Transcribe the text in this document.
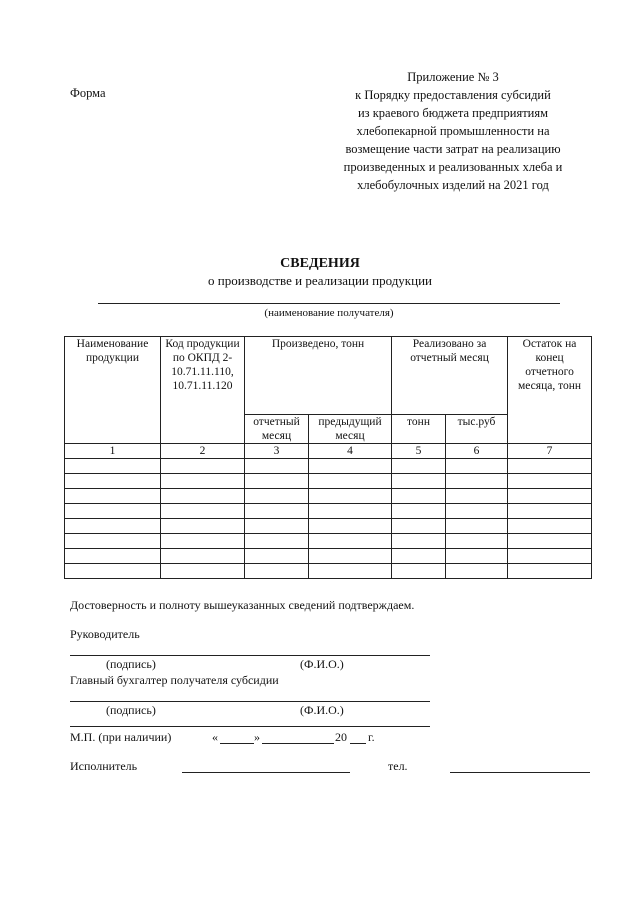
Форма
Приложение № 3
к Порядку предоставления субсидий
из краевого бюджета предприятиям
хлебопекарной промышленности на
возмещение части затрат на реализацию
произведенных и реализованных хлеба и
хлебобулочных изделий на 2021 год
СВЕДЕНИЯ
о производстве и реализации продукции
(наименование получателя)
Наименование продукции	Код продукции по ОКПД 2- 10.71.11.110, 10.71.11.120	Произведено, тонн		Реализовано за отчетный месяц		Остаток на конец отчетного месяца, тонн
		отчетный месяц	предыдущий месяц	тонн	тыс.руб	
1	2	3	4	5	6	7

Достоверность и полноту вышеуказанных сведений подтверждаем.
Руководитель
(подпись)	(Ф.И.О.)
Главный бухгалтер получателя субсидии
(подпись)	(Ф.И.О.)
М.П. (при наличии)	«	»	20 г.
Исполнитель	тел.
